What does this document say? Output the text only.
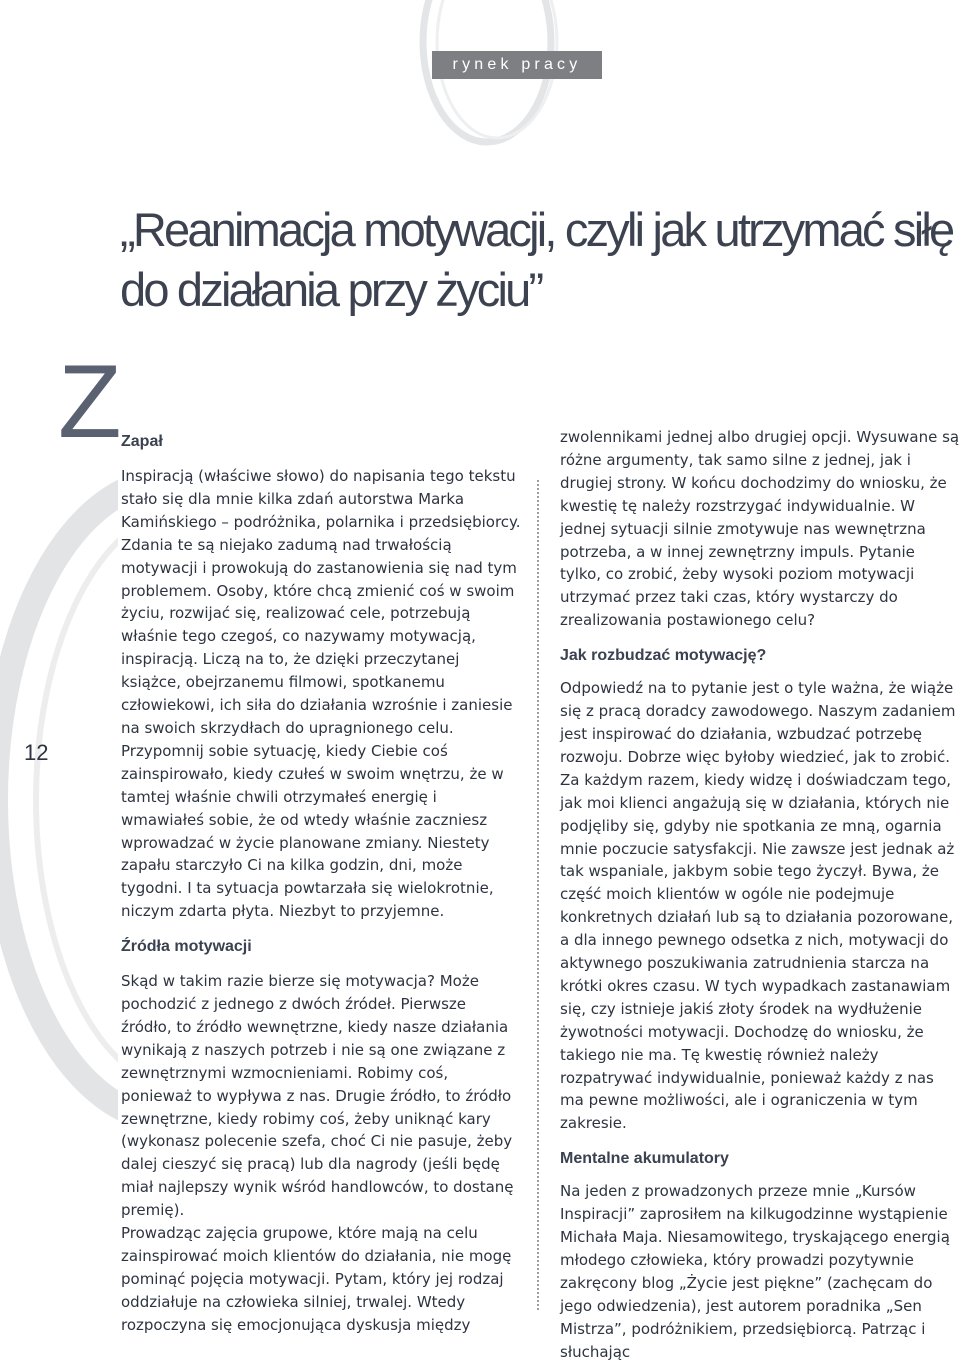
rynek pracy
„Reanimacja motywacji, czyli jak utrzymać siłę
do działania przy życiu”
Z
12

Zapał

Inspiracją (właściwe słowo) do napisania tego tekstu stało się dla mnie kilka zdań autorstwa Marka Kamińskiego – podróżnika, polarnika i przedsiębiorcy. Zdania te są niejako zadumą nad trwałością motywacji i prowokują do zastanowienia się nad tym problemem. Osoby, które chcą zmienić coś w swoim życiu, rozwijać się, realizować cele, potrzebują właśnie tego czegoś, co nazywamy motywacją, inspiracją. Liczą na to, że dzięki przeczytanej książce, obejrzanemu filmowi, spotkanemu człowiekowi, ich siła do działania wzrośnie i zaniesie na swoich skrzydłach do upragnionego celu. Przypomnij sobie sytuację, kiedy Ciebie coś zainspirowało, kiedy czułeś w swoim wnętrzu, że w tamtej właśnie chwili otrzymałeś energię i wmawiałeś sobie, że od wtedy właśnie zaczniesz wprowadzać w życie planowane zmiany. Niestety zapału starczyło Ci na kilka godzin, dni, może tygodni. I ta sytuacja powtarzała się wielokrotnie, niczym zdarta płyta. Niezbyt to przyjemne.

Źródła motywacji

Skąd w takim razie bierze się motywacja? Może pochodzić z jednego z dwóch źródeł. Pierwsze źródło, to źródło wewnętrzne, kiedy nasze działania wynikają z naszych potrzeb i nie są one związane z zewnętrznymi wzmocnieniami. Robimy coś, ponieważ to wypływa z nas. Drugie źródło, to źródło zewnętrzne, kiedy robimy coś, żeby uniknąć kary (wykonasz polecenie szefa, choć Ci nie pasuje, żeby dalej cieszyć się pracą) lub dla nagrody (jeśli będę miał najlepszy wynik wśród handlowców, to dostanę premię).

Prowadząc zajęcia grupowe, które mają na celu zainspirować moich klientów do działania, nie mogę pominąć pojęcia motywacji. Pytam, który jej rodzaj oddziałuje na człowieka silniej, trwalej. Wtedy rozpoczyna się emocjonująca dyskusja między

zwolennikami jednej albo drugiej opcji. Wysuwane są różne argumenty, tak samo silne z jednej, jak i drugiej strony. W końcu dochodzimy do wniosku, że kwestię tę należy rozstrzygać indywidualnie. W jednej sytuacji silnie zmotywuje nas wewnętrzna potrzeba, a w innej zewnętrzny impuls. Pytanie tylko, co zrobić, żeby wysoki poziom motywacji utrzymać przez taki czas, który wystarczy do zrealizowania postawionego celu?

Jak rozbudzać motywację?

Odpowiedź na to pytanie jest o tyle ważna, że wiąże się z pracą doradcy zawodowego. Naszym zadaniem jest inspirować do działania, wzbudzać potrzebę rozwoju. Dobrze więc byłoby wiedzieć, jak to zrobić. Za każdym razem, kiedy widzę i doświadczam tego, jak moi klienci angażują się w działania, których nie podjęliby się, gdyby nie spotkania ze mną, ogarnia mnie poczucie satysfakcji. Nie zawsze jest jednak aż tak wspaniale, jakbym sobie tego życzył. Bywa, że część moich klientów w ogóle nie podejmuje konkretnych działań lub są to działania pozorowane, a dla innego pewnego odsetka z nich, motywacji do aktywnego poszukiwania zatrudnienia starcza na krótki okres czasu. W tych wypadkach zastanawiam się, czy istnieje jakiś złoty środek na wydłużenie żywotności motywacji. Dochodzę do wniosku, że takiego nie ma. Tę kwestię również należy rozpatrywać indywidualnie, ponieważ każdy z nas ma pewne możliwości, ale i ograniczenia w tym zakresie.

Mentalne akumulatory

Na jeden z prowadzonych przeze mnie „Kursów Inspiracji” zaprosiłem na kilkugodzinne wystąpienie Michała Maja. Niesamowitego, tryskającego energią młodego człowieka, który prowadzi pozytywnie zakręcony blog „Życie jest piękne” (zachęcam do jego odwiedzenia), jest autorem poradnika „Sen Mistrza”, podróżnikiem, przedsiębiorcą. Patrząc i słuchając
